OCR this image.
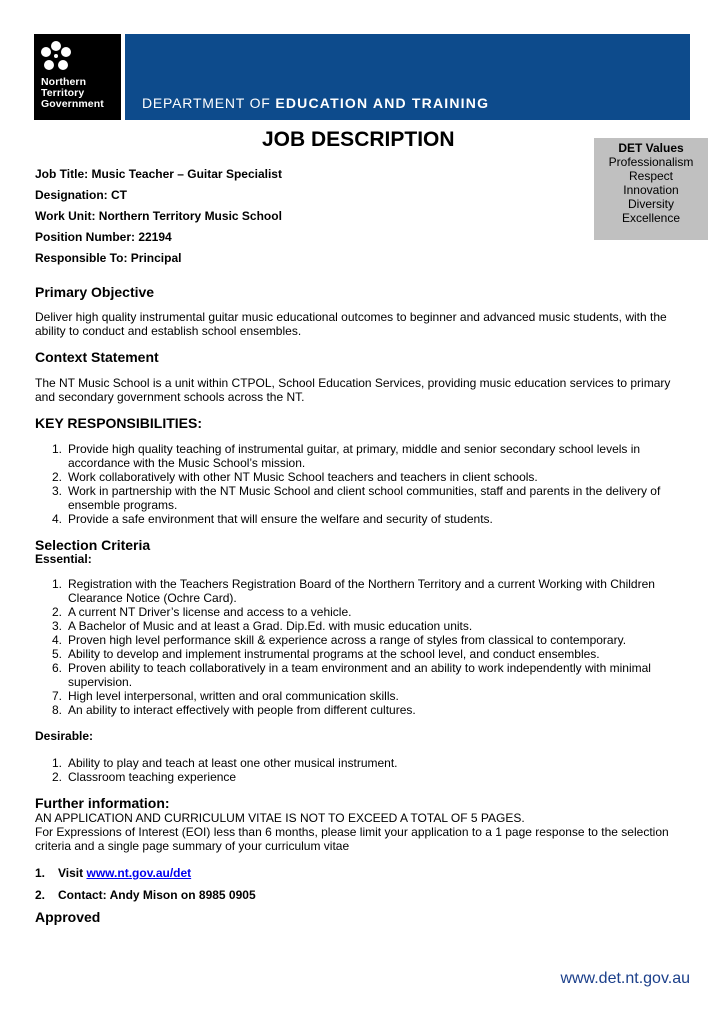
Northern
Territory
Government	DEPARTMENT OF EDUCATION AND TRAINING
JOB DESCRIPTION	DET Values
Professionalism
Respect
Innovation
Diversity
Excellence
Job Title: Music Teacher – Guitar Specialist
Designation: CT
Work Unit: Northern Territory Music School
Position Number: 22194
Responsible To: Principal
Primary Objective
Deliver high quality instrumental guitar music educational outcomes to beginner and advanced music students, with the ability to conduct and establish school ensembles.
Context Statement
The NT Music School is a unit within CTPOL, School Education Services, providing music education services to primary and secondary government schools across the NT.
KEY RESPONSIBILITIES:
1. Provide high quality teaching of instrumental guitar, at primary, middle and senior secondary school levels in accordance with the Music School’s mission.
2. Work collaboratively with other NT Music School teachers and teachers in client schools.
3. Work in partnership with the NT Music School and client school communities, staff and parents in the delivery of ensemble programs.
4. Provide a safe environment that will ensure the welfare and security of students.
Selection Criteria
Essential:
1. Registration with the Teachers Registration Board of the Northern Territory and a current Working with Children Clearance Notice (Ochre Card).
2. A current NT Driver’s license and access to a vehicle.
3. A Bachelor of Music and at least a Grad. Dip.Ed. with music education units.
4. Proven high level performance skill & experience across a range of styles from classical to contemporary.
5. Ability to develop and implement instrumental programs at the school level, and conduct ensembles.
6. Proven ability to teach collaboratively in a team environment and an ability to work independently with minimal supervision.
7. High level interpersonal, written and oral communication skills.
8. An ability to interact effectively with people from different cultures.
Desirable:
1. Ability to play and teach at least one other musical instrument.
2. Classroom teaching experience
Further information:
AN APPLICATION AND CURRICULUM VITAE IS NOT TO EXCEED A TOTAL OF 5 PAGES.
For Expressions of Interest (EOI) less than 6 months, please limit your application to a 1 page response to the selection criteria and a single page summary of your curriculum vitae
1. Visit www.nt.gov.au/det
2. Contact: Andy Mison on 8985 0905
Approved
www.det.nt.gov.au
